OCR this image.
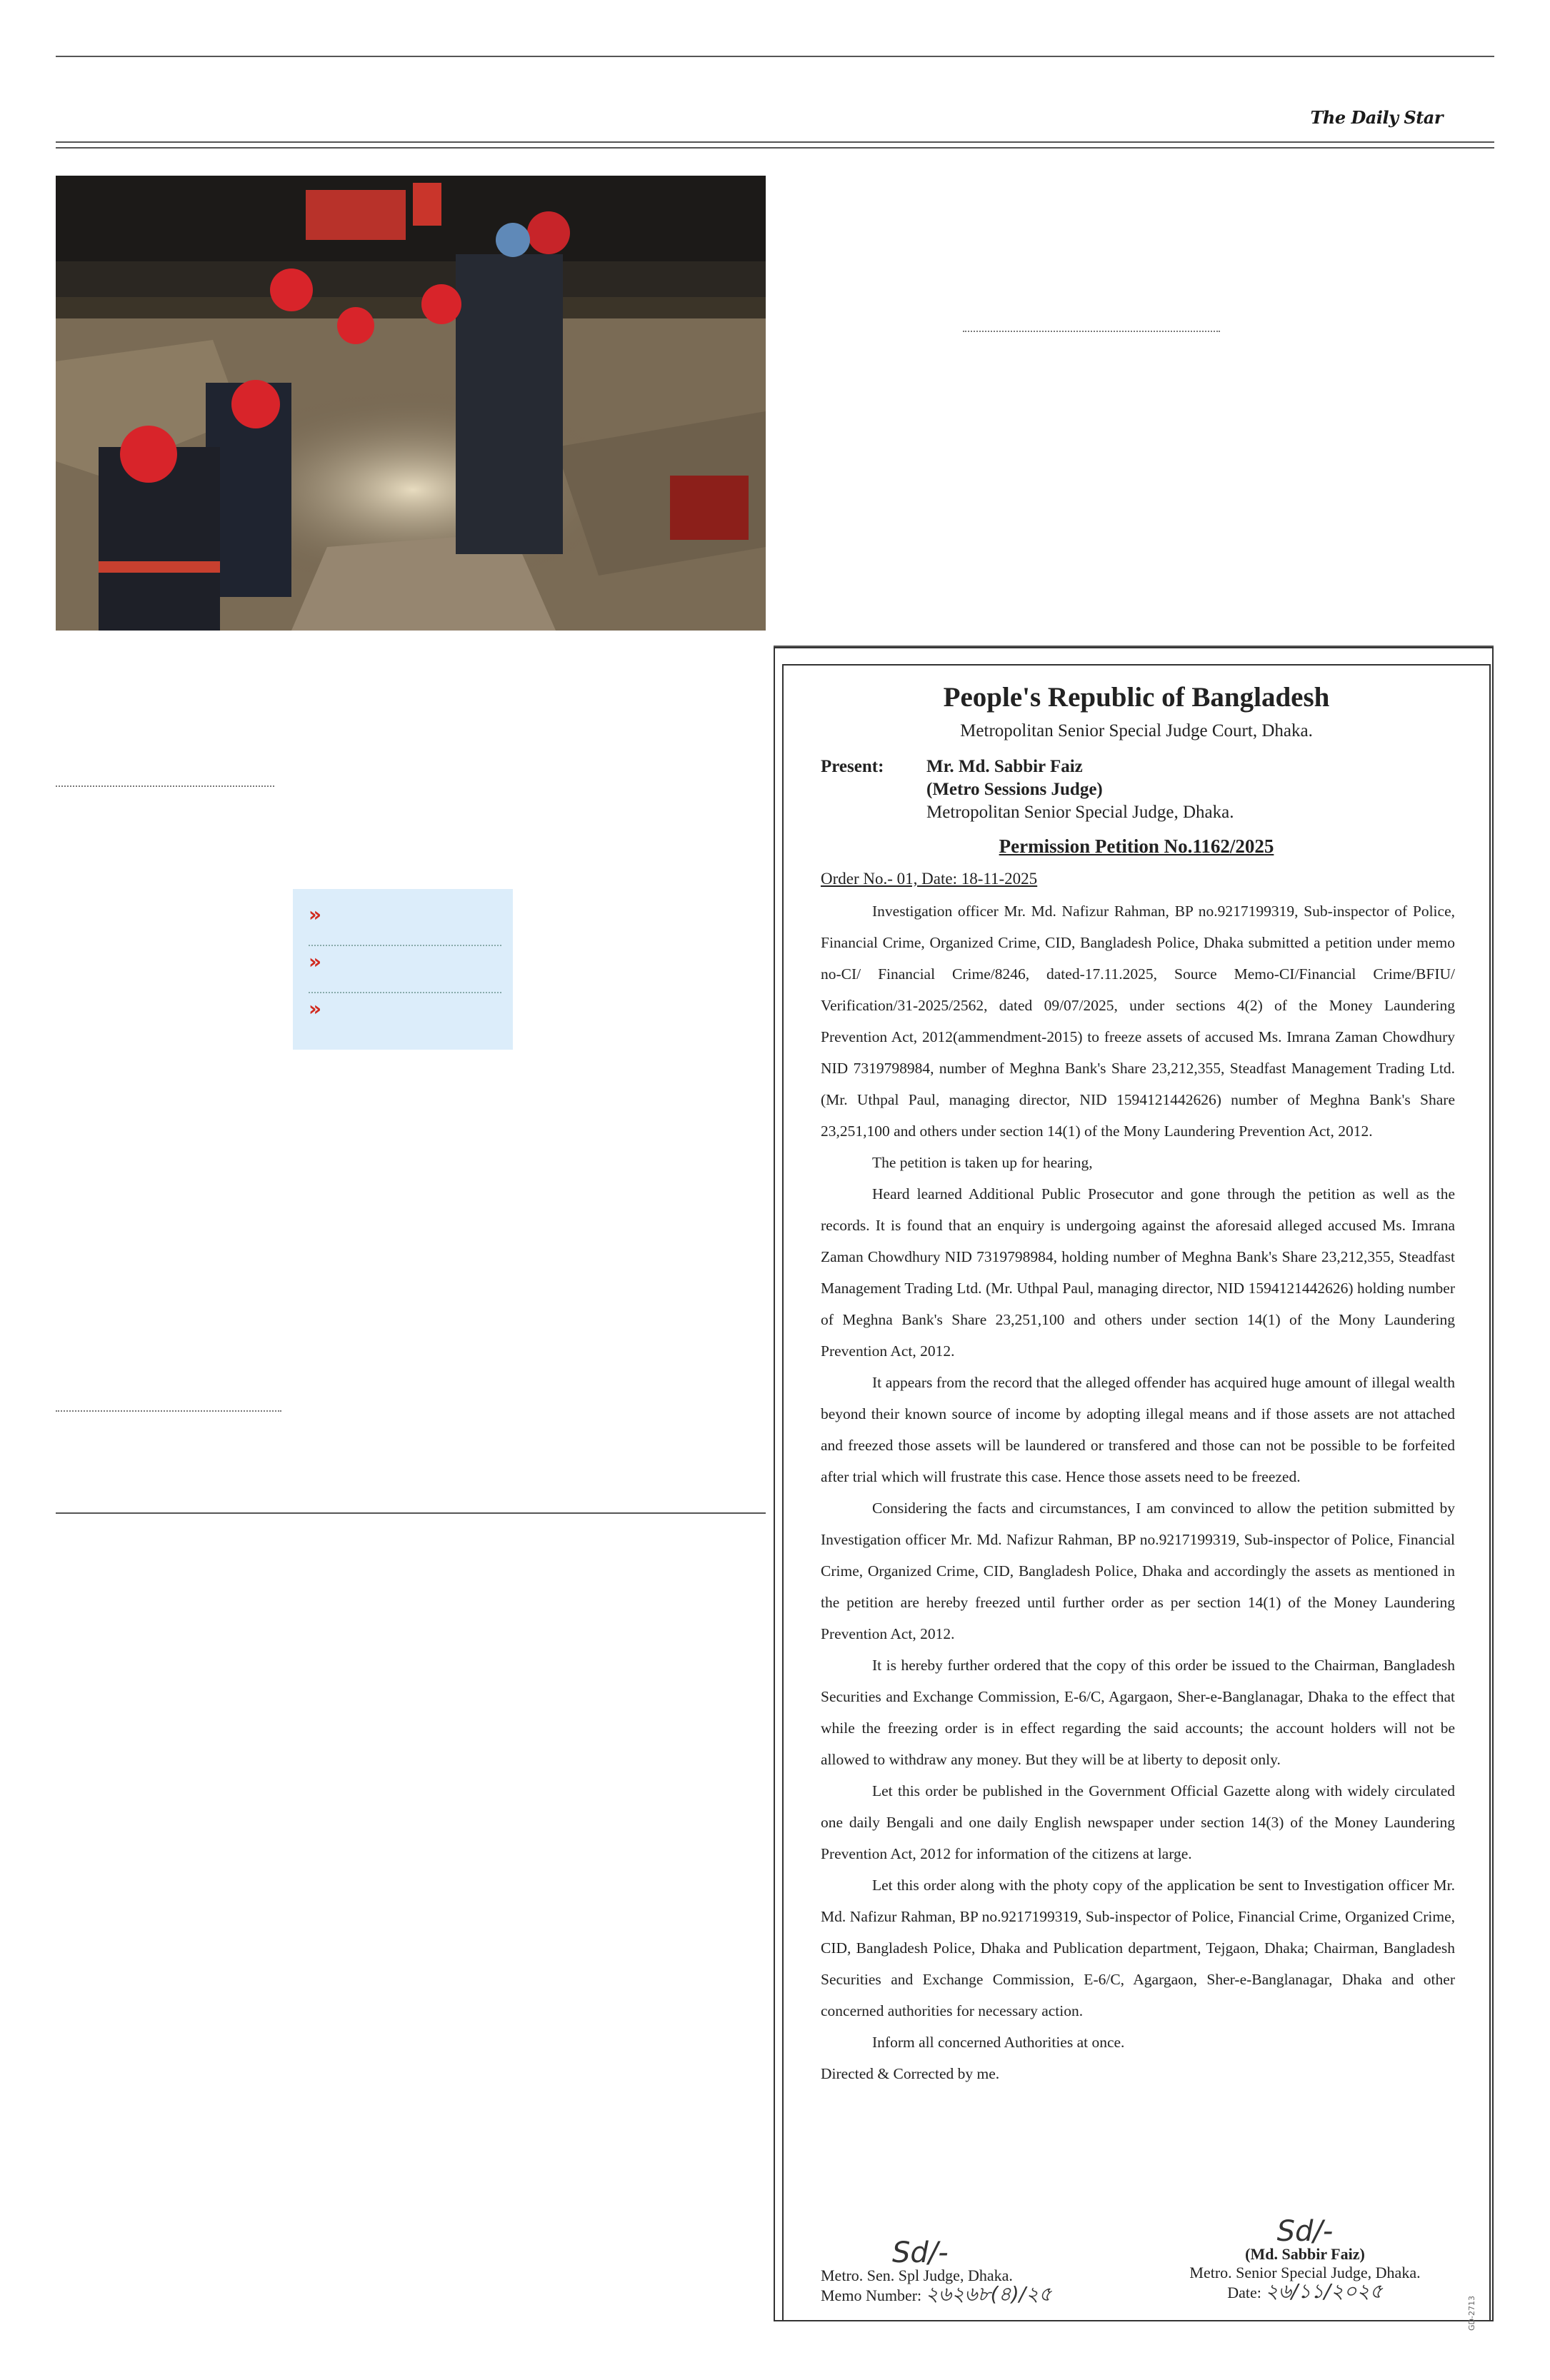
The Daily Star
»
»
»
People's Republic of Bangladesh
Metropolitan Senior Special Judge Court, Dhaka.
Present: Mr. Md. Sabbir Faiz
(Metro Sessions Judge)
Metropolitan Senior Special Judge, Dhaka.
Permission Petition No.1162/2025
Order No.- 01, Date: 18-11-2025

Investigation officer Mr. Md. Nafizur Rahman, BP no.9217199319, Sub-inspector of Police, Financial Crime, Organized Crime, CID, Bangladesh Police, Dhaka submitted a petition under memo no-CI/ Financial Crime/8246, dated-17.11.2025, Source Memo-CI/Financial Crime/BFIU/ Verification/31-2025/2562, dated 09/07/2025, under sections 4(2) of the Money Laundering Prevention Act, 2012(ammendment-2015) to freeze assets of accused Ms. Imrana Zaman Chowdhury NID 7319798984, number of Meghna Bank's Share 23,212,355, Steadfast Management Trading Ltd. (Mr. Uthpal Paul, managing director, NID 1594121442626) number of Meghna Bank's Share 23,251,100 and others under section 14(1) of the Mony Laundering Prevention Act, 2012.

The petition is taken up for hearing,

Heard learned Additional Public Prosecutor and gone through the petition as well as the records. It is found that an enquiry is undergoing against the aforesaid alleged accused Ms. Imrana Zaman Chowdhury NID 7319798984, holding number of Meghna Bank's Share 23,212,355, Steadfast Management Trading Ltd. (Mr. Uthpal Paul, managing director, NID 1594121442626) holding number of Meghna Bank's Share 23,251,100 and others under section 14(1) of the Mony Laundering Prevention Act, 2012.

It appears from the record that the alleged offender has acquired huge amount of illegal wealth beyond their known source of income by adopting illegal means and if those assets are not attached and freezed those assets will be laundered or transfered and those can not be possible to be forfeited after trial which will frustrate this case. Hence those assets need to be freezed.

Considering the facts and circumstances, I am convinced to allow the petition submitted by Investigation officer Mr. Md. Nafizur Rahman, BP no.9217199319, Sub-inspector of Police, Financial Crime, Organized Crime, CID, Bangladesh Police, Dhaka and accordingly the assets as mentioned in the petition are hereby freezed until further order as per section 14(1) of the Money Laundering Prevention Act, 2012.

It is hereby further ordered that the copy of this order be issued to the Chairman, Bangladesh Securities and Exchange Commission, E-6/C, Agargaon, Sher-e-Banglanagar, Dhaka to the effect that while the freezing order is in effect regarding the said accounts; the account holders will not be allowed to withdraw any money. But they will be at liberty to deposit only.

Let this order be published in the Government Official Gazette along with widely circulated one daily Bengali and one daily English newspaper under section 14(3) of the Money Laundering Prevention Act, 2012 for information of the citizens at large.

Let this order along with the photy copy of the application be sent to Investigation officer Mr. Md. Nafizur Rahman, BP no.9217199319, Sub-inspector of Police, Financial Crime, Organized Crime, CID, Bangladesh Police, Dhaka and Publication department, Tejgaon, Dhaka; Chairman, Bangladesh Securities and Exchange Commission, E-6/C, Agargaon, Sher-e-Banglanagar, Dhaka and other concerned authorities for necessary action.

Inform all concerned Authorities at once.

Directed & Corrected by me.

Sd/-
Metro. Sen. Spl Judge, Dhaka.
Memo Number: ২৬২৬৮(৪)/২৫
Sd/-
(Md. Sabbir Faiz)
Metro. Senior Special Judge, Dhaka.
Date: ২৬/১১/২০২৫
GD-2713
